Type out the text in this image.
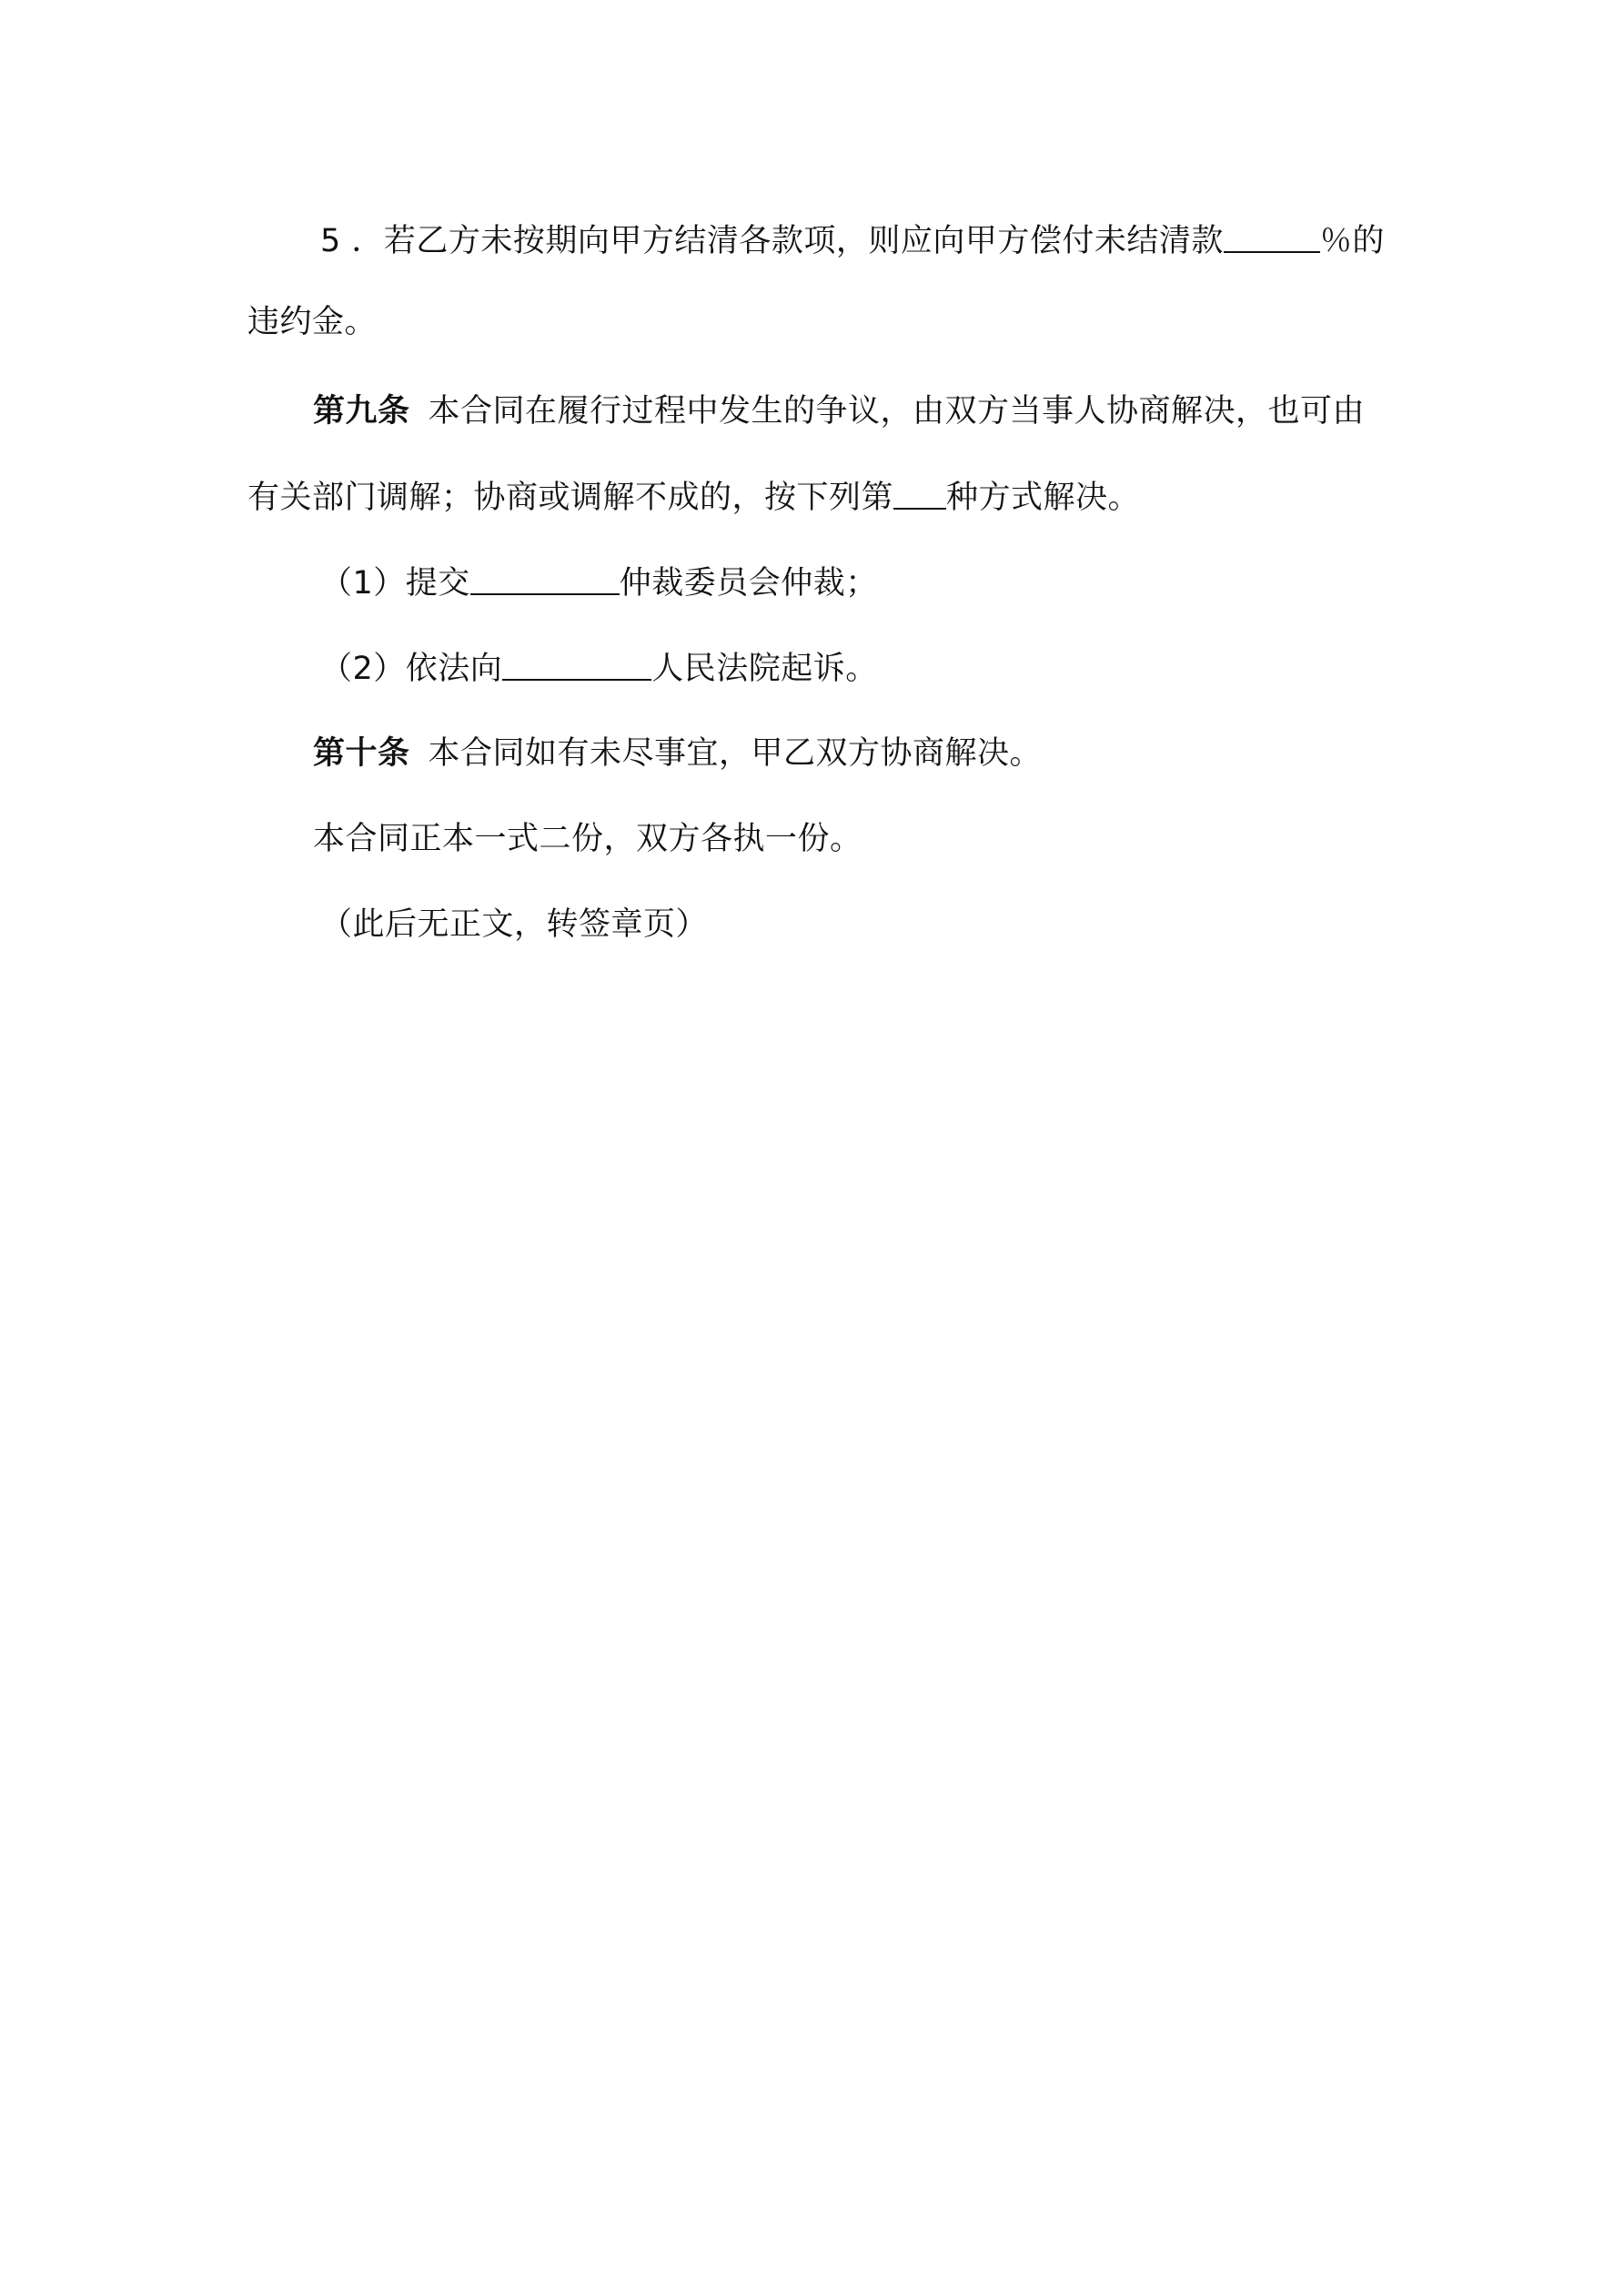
5 ．若乙方未按期向甲方结清各款项，则应向甲方偿付未结清款	％的
违约金。
第九条 本合同在履行过程中发生的争议，由双方当事人协商解决，也可由
有关部门调解；协商或调解不成的，按下列第 种方式解决。
（1）提交	仲裁委员会仲裁；
（2）依法向	人民法院起诉。
第十条 本合同如有未尽事宜，甲乙双方协商解决。
本合同正本一式二份，双方各执一份。
（此后无正文，转签章页）
